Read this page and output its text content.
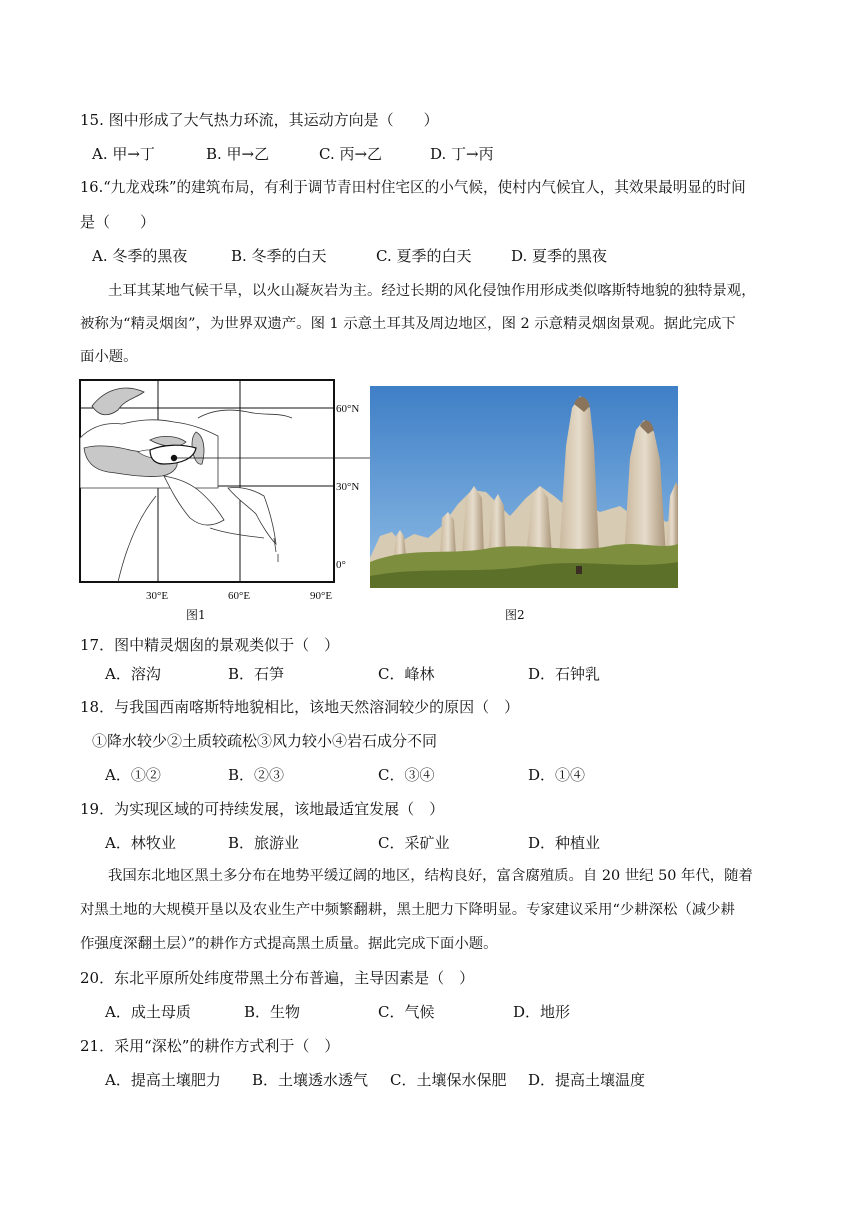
15. 图中形成了大气热力环流，其运动方向是（　　）
A. 甲→丁	B. 甲→乙	C. 丙→乙	D. 丁→丙
16.“九龙戏珠”的建筑布局，有利于调节青田村住宅区的小气候，使村内气候宜人，其效果最明显的时间
是（　　）
A. 冬季的黑夜	B. 冬季的白天	C. 夏季的白天	D. 夏季的黑夜
土耳其某地气候干旱，以火山凝灰岩为主。经过长期的风化侵蚀作用形成类似喀斯特地貌的独特景观，
被称为“精灵烟囱”，为世界双遗产。图 1 示意土耳其及周边地区，图 2 示意精灵烟囱景观。据此完成下
面小题。
60°N
30°N
0°
30°E	60°E	90°E
图1	图2
17．图中精灵烟囱的景观类似于（　）
A．溶沟	B．石笋	C．峰林	D．石钟乳
18．与我国西南喀斯特地貌相比，该地天然溶洞较少的原因（　）
①降水较少②土质较疏松③风力较小④岩石成分不同
A．①②	B．②③	C．③④	D．①④
19．为实现区域的可持续发展，该地最适宜发展（　）
A．林牧业	B．旅游业	C．采矿业	D．种植业
我国东北地区黑土多分布在地势平缓辽阔的地区，结构良好，富含腐殖质。自 20 世纪 50 年代，随着
对黑土地的大规模开垦以及农业生产中频繁翻耕，黑土肥力下降明显。专家建议采用“少耕深松（减少耕
作强度深翻土层）”的耕作方式提高黑土质量。据此完成下面小题。
20．东北平原所处纬度带黑土分布普遍，主导因素是（　）
A．成土母质	B．生物	C．气候	D．地形
21．采用“深松”的耕作方式利于（　）
A．提高土壤肥力 B．土壤透水透气 C．土壤保水保肥 D．提高土壤温度
